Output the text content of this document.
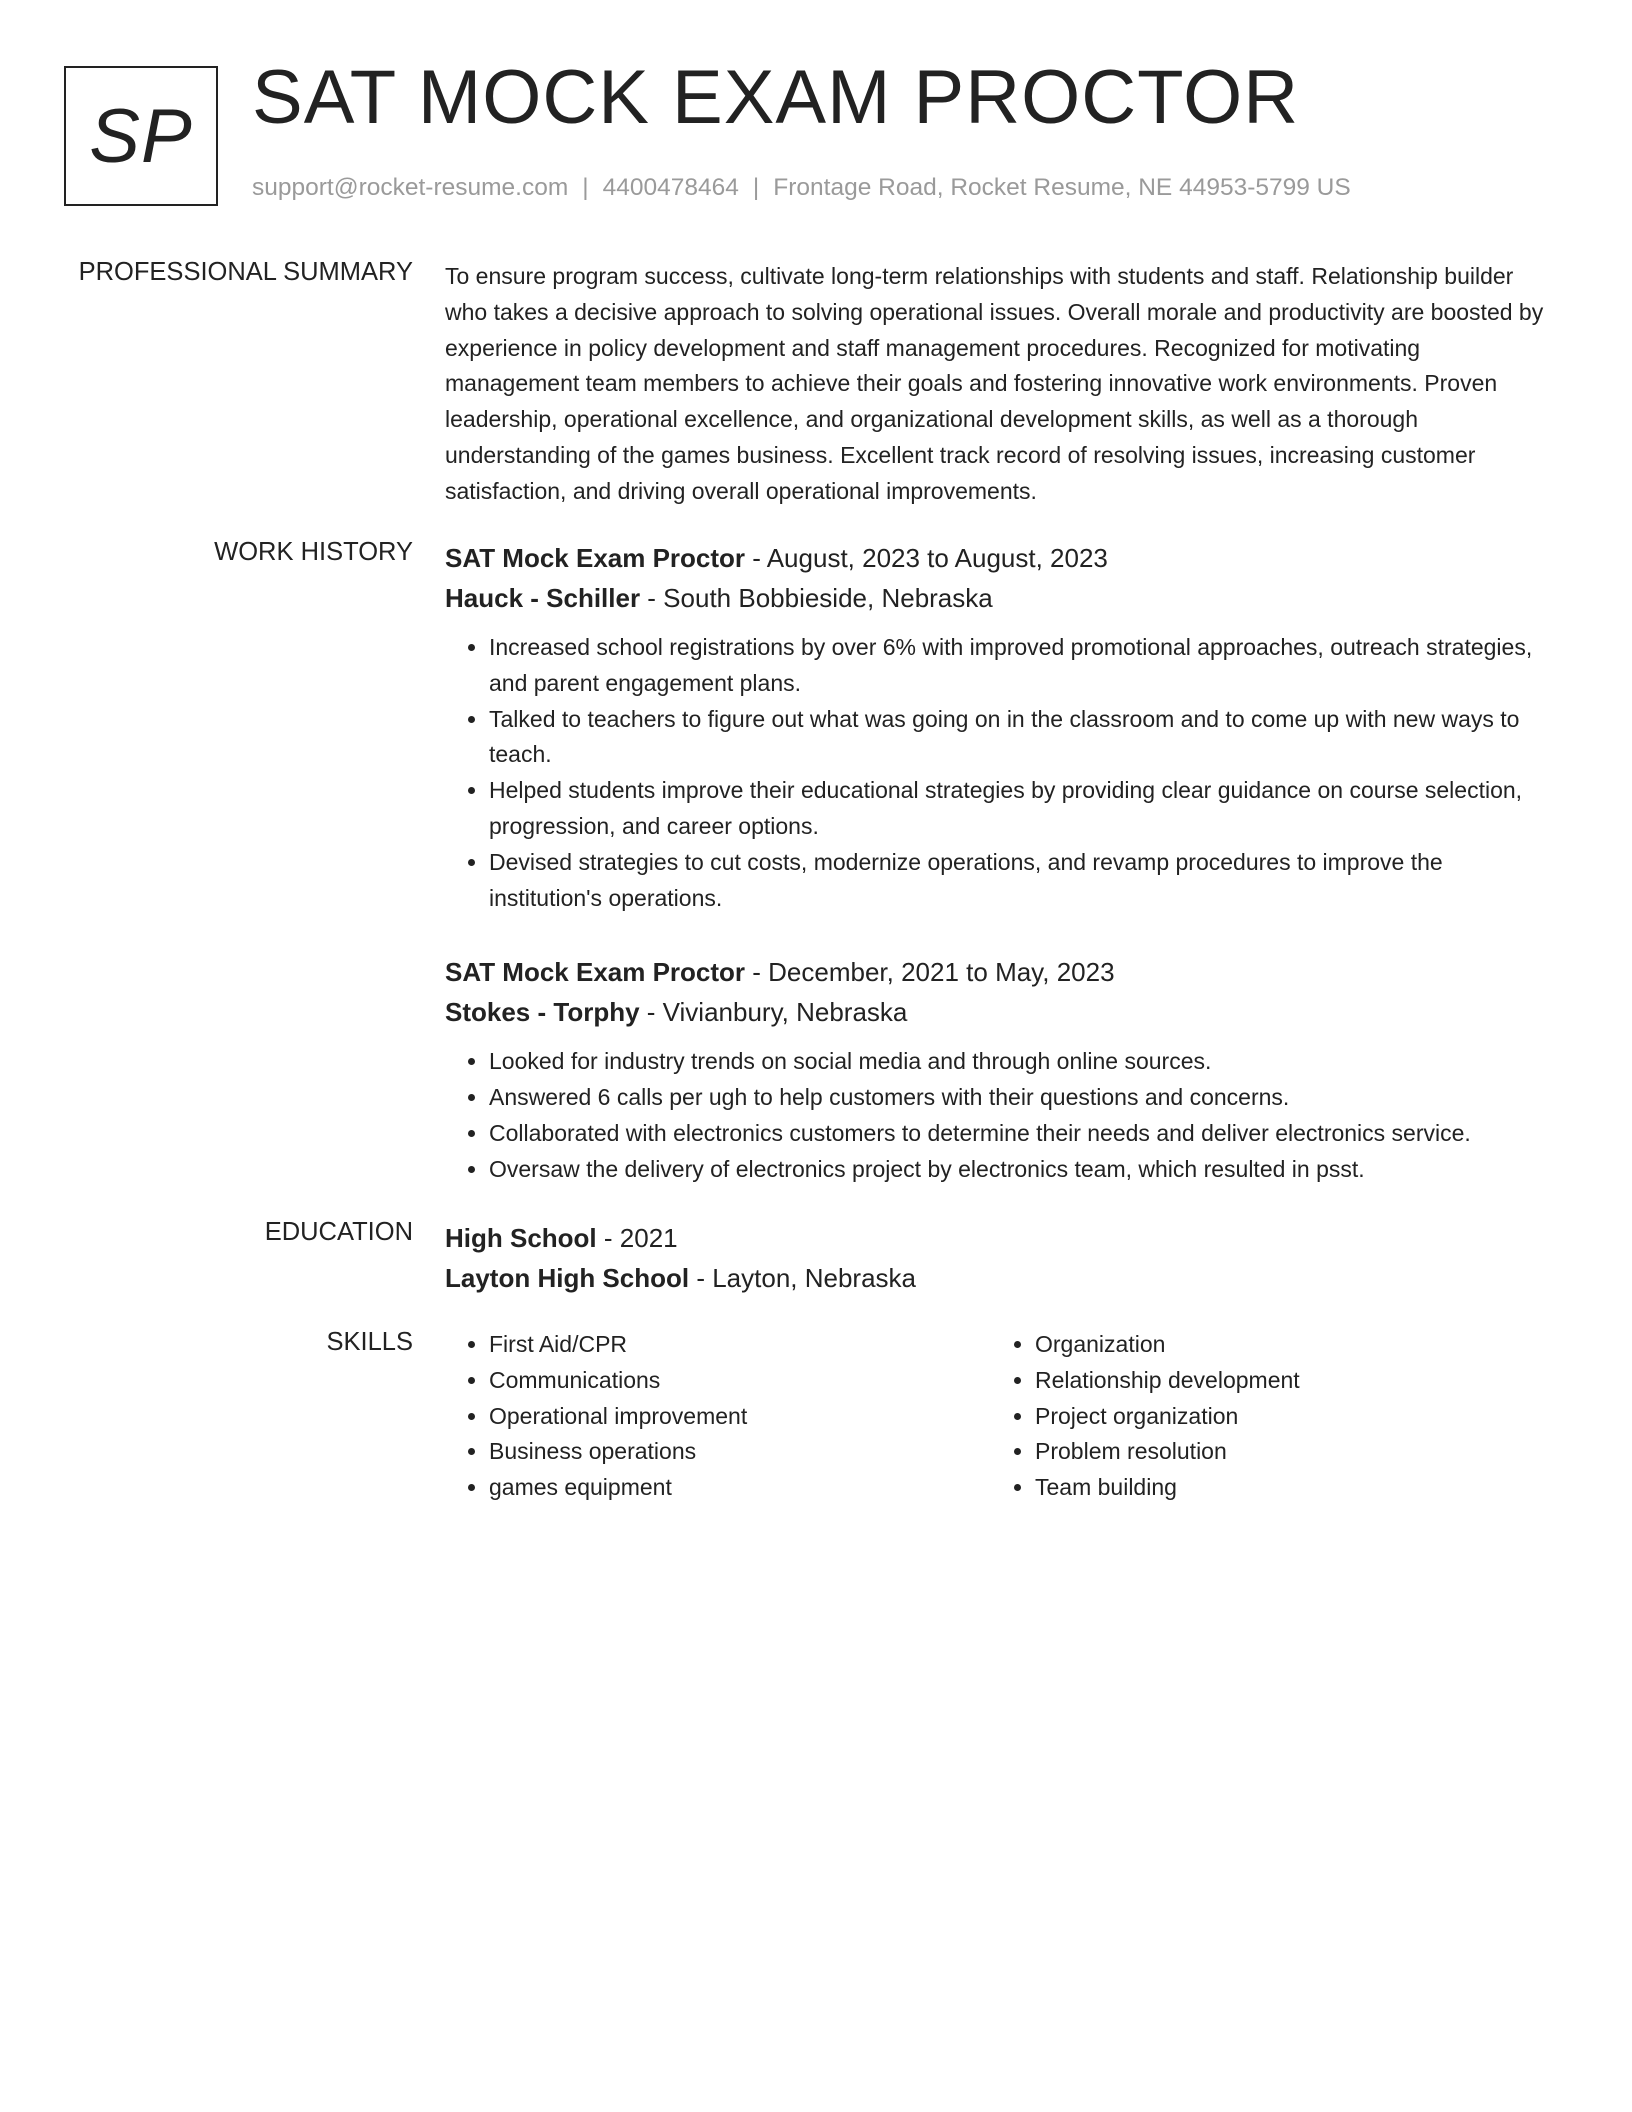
SP SAT MOCK EXAM PROCTOR
support@rocket-resume.com | 4400478464 | Frontage Road, Rocket Resume, NE 44953-5799 US
PROFESSIONAL SUMMARY To ensure program success, cultivate long-term relationships with students and staff. Relationship builder who takes a decisive approach to solving operational issues. Overall morale and productivity are boosted by experience in policy development and staff management procedures. Recognized for motivating management team members to achieve their goals and fostering innovative work environments. Proven leadership, operational excellence, and organizational development skills, as well as a thorough understanding of the games business. Excellent track record of resolving issues, increasing customer satisfaction, and driving overall operational improvements.

WORK HISTORY SAT Mock Exam Proctor - August, 2023 to August, 2023
Hauck - Schiller - South Bobbieside, Nebraska
• Increased school registrations by over 6% with improved promotional approaches, outreach strategies, and parent engagement plans.
• Talked to teachers to figure out what was going on in the classroom and to come up with new ways to teach.
• Helped students improve their educational strategies by providing clear guidance on course selection, progression, and career options.
• Devised strategies to cut costs, modernize operations, and revamp procedures to improve the institution's operations.
SAT Mock Exam Proctor - December, 2021 to May, 2023
Stokes - Torphy - Vivianbury, Nebraska
• Looked for industry trends on social media and through online sources.
• Answered 6 calls per ugh to help customers with their questions and concerns.
• Collaborated with electronics customers to determine their needs and deliver electronics service.
• Oversaw the delivery of electronics project by electronics team, which resulted in psst.
EDUCATION High School - 2021
Layton High School - Layton, Nebraska
SKILLS
•	First Aid/CPR
• Communications
• Operational improvement
• Business operations
• games equipment
• Organization
• Relationship development
• Project organization
• Problem resolution
• Team building
